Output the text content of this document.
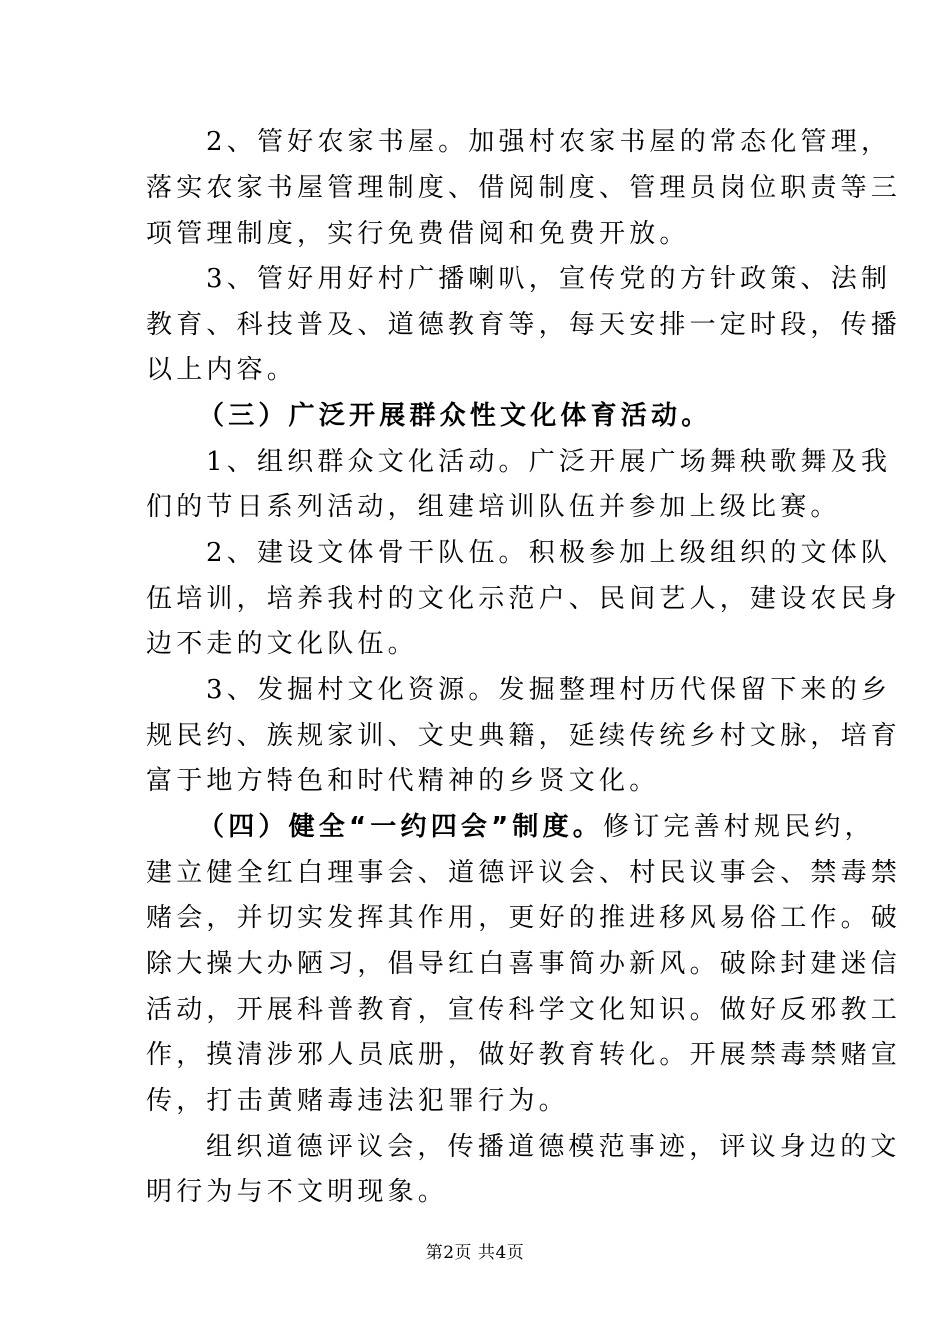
2、管好农家书屋。加强村农家书屋的常态化管理，
落实农家书屋管理制度、借阅制度、管理员岗位职责等三
项管理制度，实行免费借阅和免费开放。
3、管好用好村广播喇叭，宣传党的方针政策、法制
教育、科技普及、道德教育等，每天安排一定时段，传播
以上内容。
（三）广泛开展群众性文化体育活动。
1、组织群众文化活动。广泛开展广场舞秧歌舞及我
们的节日系列活动，组建培训队伍并参加上级比赛。
2、建设文体骨干队伍。积极参加上级组织的文体队
伍培训，培养我村的文化示范户、民间艺人，建设农民身
边不走的文化队伍。
3、发掘村文化资源。发掘整理村历代保留下来的乡
规民约、族规家训、文史典籍，延续传统乡村文脉，培育
富于地方特色和时代精神的乡贤文化。
（四）健全“一约四会”制度。修订完善村规民约，
建立健全红白理事会、道德评议会、村民议事会、禁毒禁
赌会，并切实发挥其作用，更好的推进移风易俗工作。破
除大操大办陋习，倡导红白喜事简办新风。破除封建迷信
活动，开展科普教育，宣传科学文化知识。做好反邪教工
作，摸清涉邪人员底册，做好教育转化。开展禁毒禁赌宣
传，打击黄赌毒违法犯罪行为。
组织道德评议会，传播道德模范事迹，评议身边的文
明行为与不文明现象。
第2页 共4页
